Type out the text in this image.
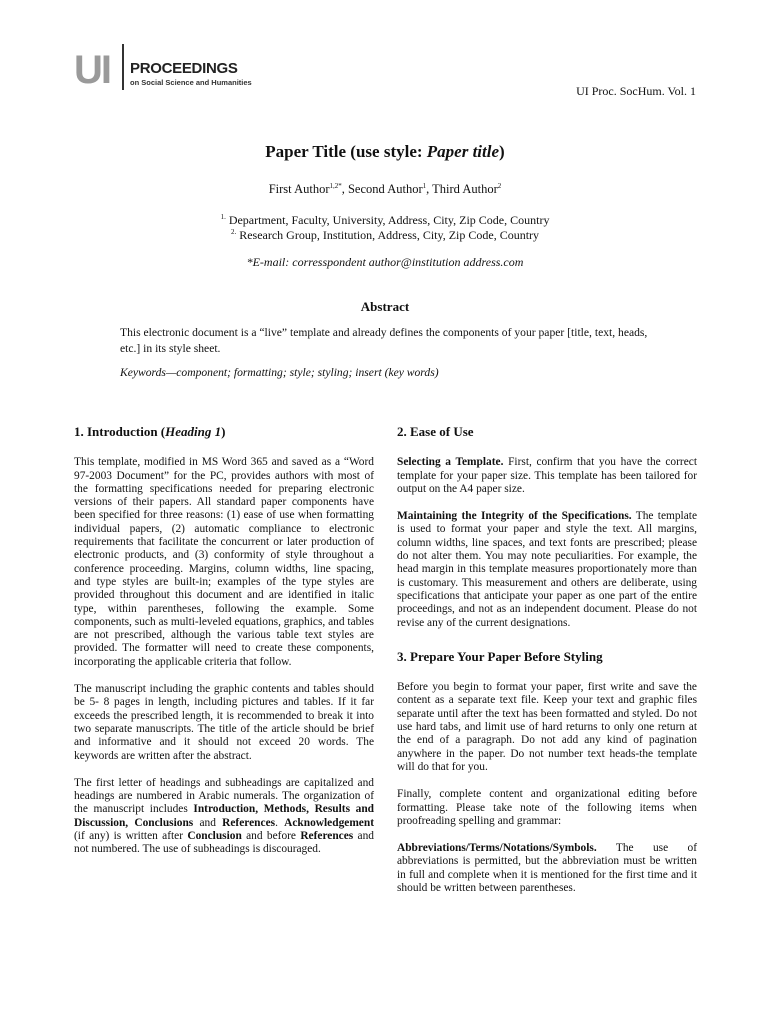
UI PROCEEDINGS
on Social Science and Humanities
UI Proc. SocHum. Vol. 1
Paper Title (use style: Paper title)
First Author$^{1,2*}$, Second Author$^1$, Third Author$^2$
$^{1.}$ Department, Faculty, University, Address, City, Zip Code, Country
$^{2.}$ Research Group, Institution, Address, City, Zip Code, Country
*E-mail: corresspondent author@institution address.com
Abstract
This electronic document is a “live” template and already defines the components of your paper [title, text, heads, etc.] in its style sheet.
Keywords—component; formatting; style; styling; insert (key words)
1. Introduction (Heading 1)

This template, modified in MS Word 365 and saved as a “Word 97-2003 Document” for the PC, provides authors with most of the formatting specifications needed for preparing electronic versions of their papers. All standard paper components have been specified for three reasons: (1) ease of use when formatting individual papers, (2) automatic compliance to electronic requirements that facilitate the concurrent or later production of electronic products, and (3) conformity of style throughout a conference proceeding. Margins, column widths, line spacing, and type styles are built-in; examples of the type styles are provided throughout this document and are identified in italic type, within parentheses, following the example. Some components, such as multi-leveled equations, graphics, and tables are not prescribed, although the various table text styles are provided. The formatter will need to create these components, incorporating the applicable criteria that follow.

The manuscript including the graphic contents and tables should be 5- 8 pages in length, including pictures and tables. If it far exceeds the prescribed length, it is recommended to break it into two separate manuscripts. The title of the article should be brief and informative and it should not exceed 20 words. The keywords are written after the abstract.

The first letter of headings and subheadings are capitalized and headings are numbered in Arabic numerals. The organization of the manuscript includes Introduction, Methods, Results and Discussion, Conclusions and References. Acknowledgement (if any) is written after Conclusion and before References and not numbered. The use of subheadings is discouraged.

2. Ease of Use

Selecting a Template. First, confirm that you have the correct template for your paper size. This template has been tailored for output on the A4 paper size.

Maintaining the Integrity of the Specifications. The template is used to format your paper and style the text. All margins, column widths, line spaces, and text fonts are prescribed; please do not alter them. You may note peculiarities. For example, the head margin in this template measures proportionately more than is customary. This measurement and others are deliberate, using specifications that anticipate your paper as one part of the entire proceedings, and not as an independent document. Please do not revise any of the current designations.

3. Prepare Your Paper Before Styling

Before you begin to format your paper, first write and save the content as a separate text file. Keep your text and graphic files separate until after the text has been formatted and styled. Do not use hard tabs, and limit use of hard returns to only one return at the end of a paragraph. Do not add any kind of pagination anywhere in the paper. Do not number text heads-the template will do that for you.

Finally, complete content and organizational editing before formatting. Please take note of the following items when proofreading spelling and grammar:

Abbreviations/Terms/Notations/Symbols. The use of abbreviations is permitted, but the abbreviation must be written in full and complete when it is mentioned for the first time and it should be written between parentheses.
